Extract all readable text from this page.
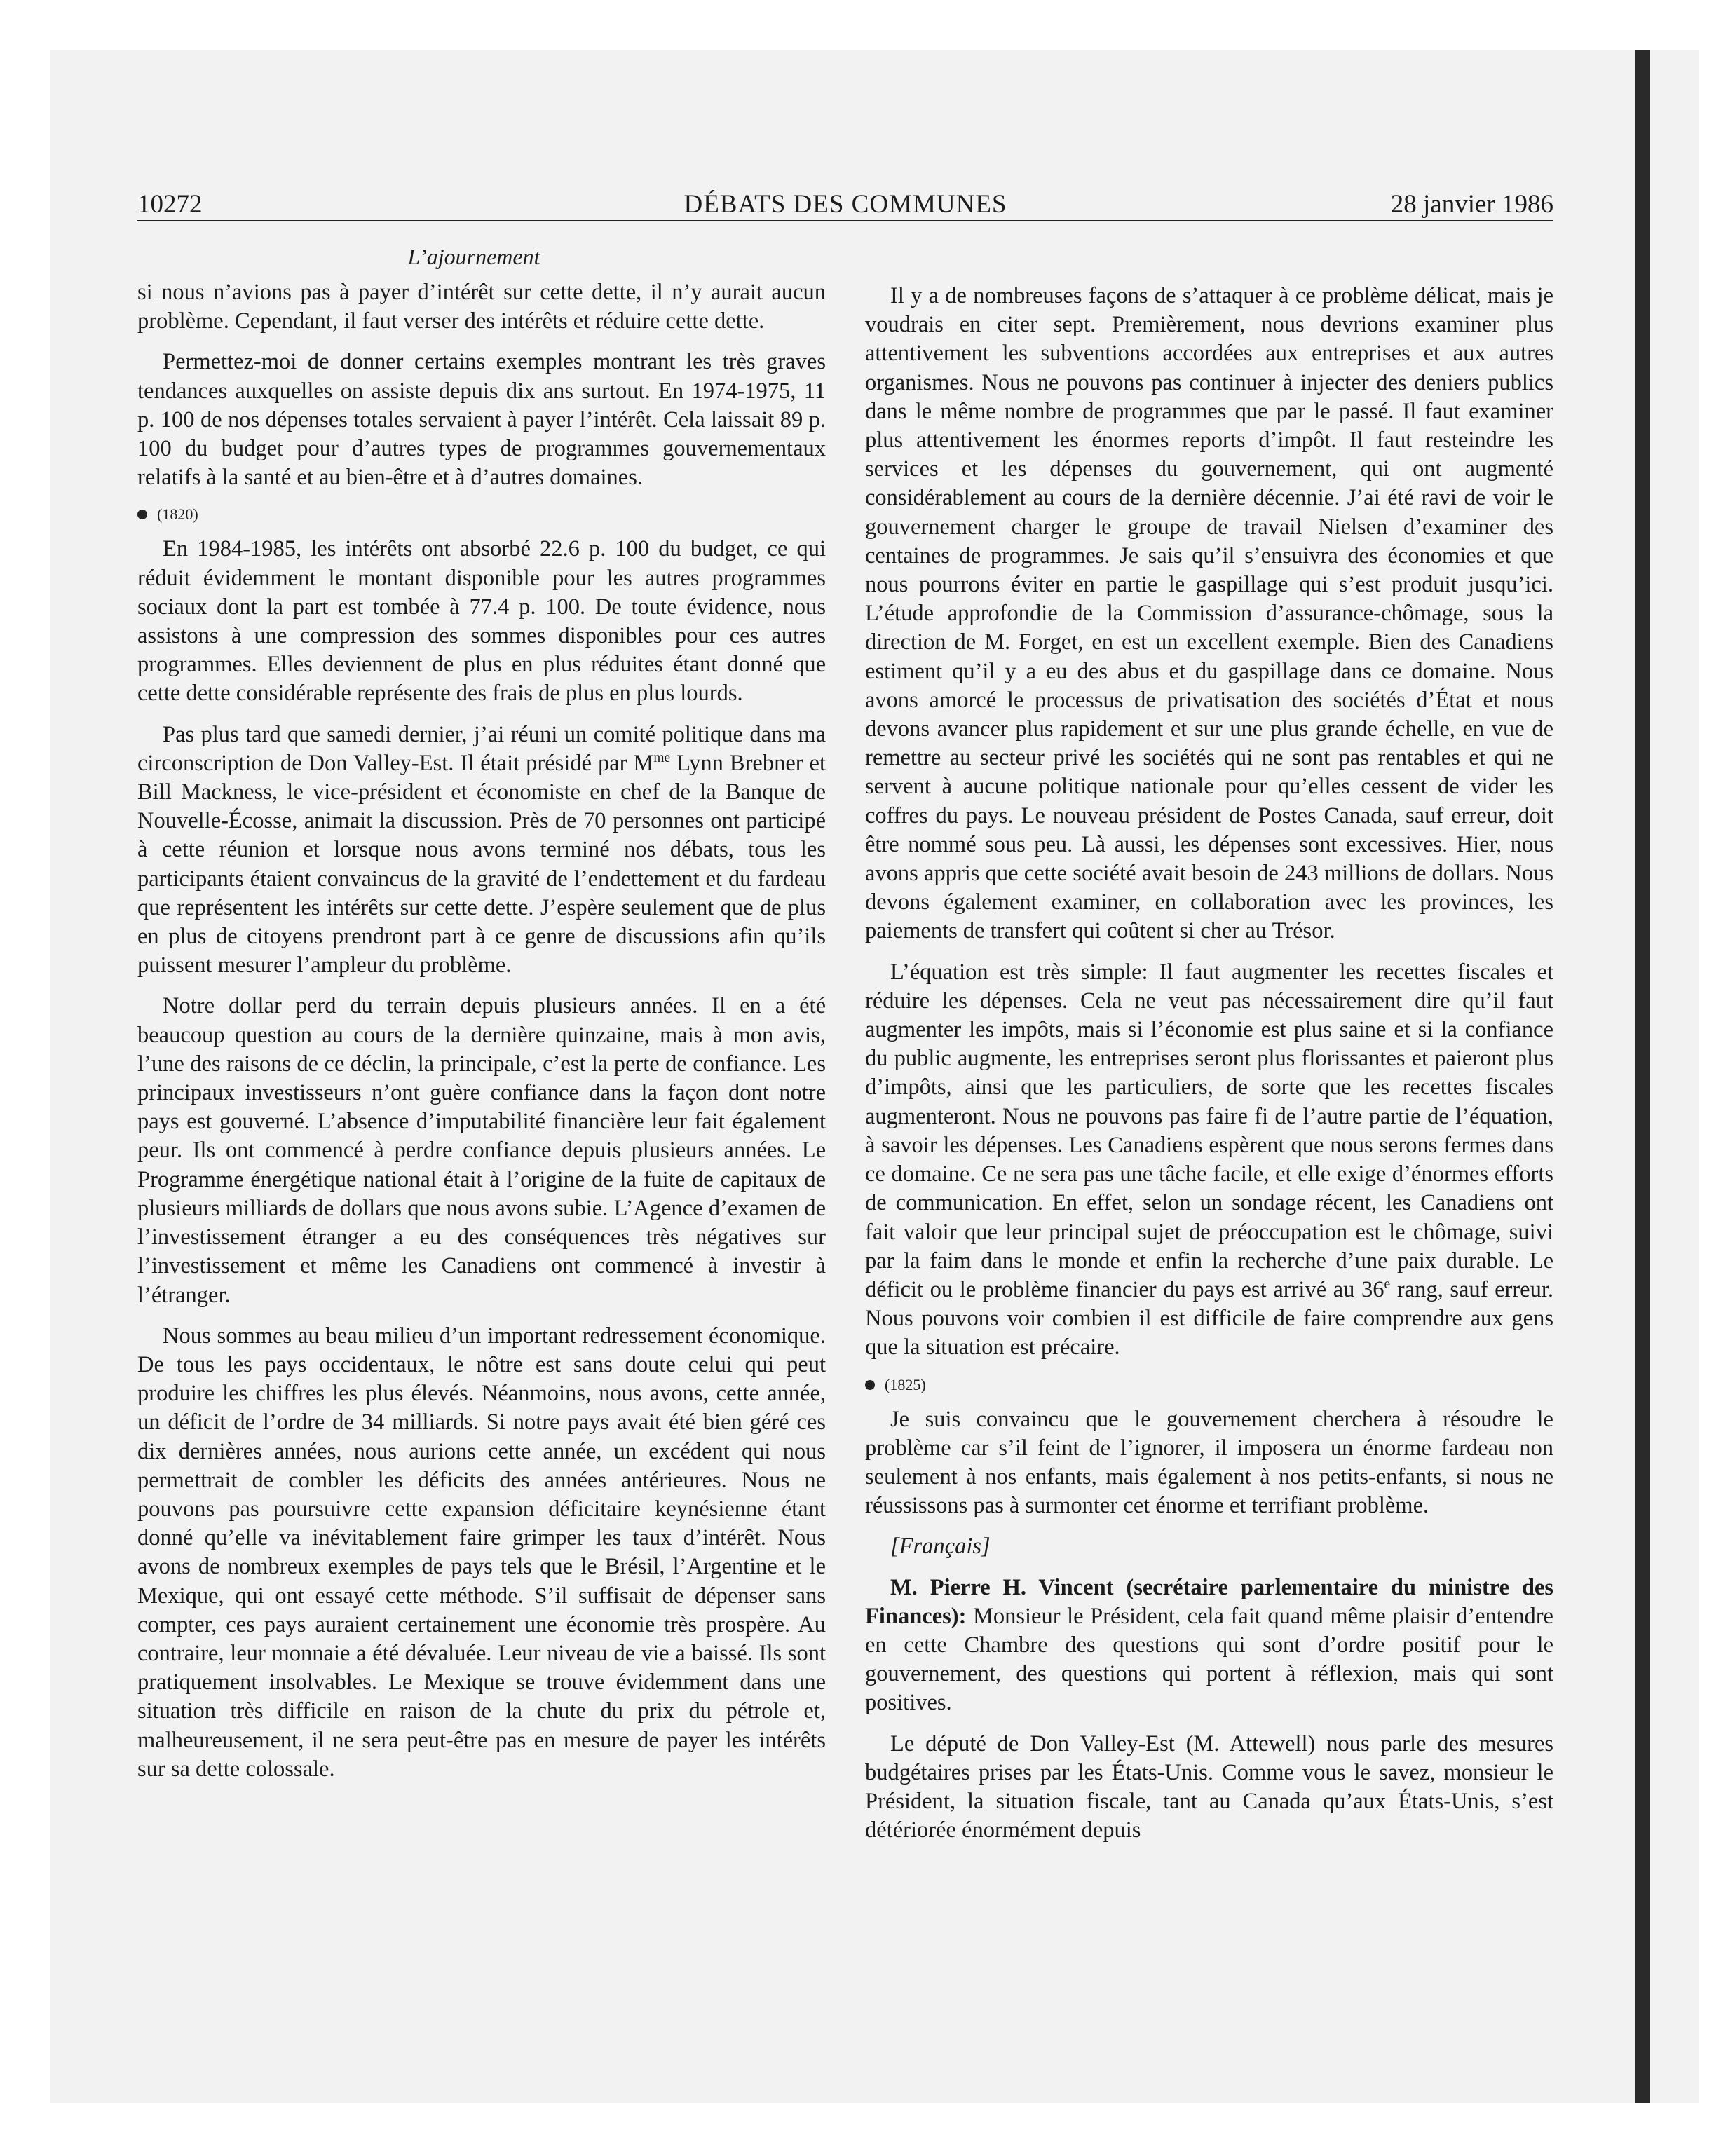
10272	DÉBATS DES COMMUNES	28 janvier 1986
L’ajournement

si nous n’avions pas à payer d’intérêt sur cette dette, il n’y aurait aucun problème. Cependant, il faut verser des intérêts et réduire cette dette.

Permettez-moi de donner certains exemples montrant les très graves tendances auxquelles on assiste depuis dix ans surtout. En 1974-1975, 11 p. 100 de nos dépenses totales servaient à payer l’intérêt. Cela laissait 89 p. 100 du budget pour d’autres types de programmes gouvernementaux relatifs à la santé et au bien-être et à d’autres domaines.

(1820)

En 1984-1985, les intérêts ont absorbé 22.6 p. 100 du budget, ce qui réduit évidemment le montant disponible pour les autres programmes sociaux dont la part est tombée à 77.4 p. 100. De toute évidence, nous assistons à une compression des sommes disponibles pour ces autres programmes. Elles deviennent de plus en plus réduites étant donné que cette dette considérable représente des frais de plus en plus lourds.

Pas plus tard que samedi dernier, j’ai réuni un comité politique dans ma circonscription de Don Valley-Est. Il était présidé par $M^{me}$ Lynn Brebner et Bill Mackness, le vice-président et économiste en chef de la Banque de Nouvelle-Écosse, animait la discussion. Près de 70 personnes ont participé à cette réunion et lorsque nous avons terminé nos débats, tous les participants étaient convaincus de la gravité de l’endettement et du fardeau que représentent les intérêts sur cette dette. J’espère seulement que de plus en plus de citoyens prendront part à ce genre de discussions afin qu’ils puissent mesurer l’ampleur du problème.

Notre dollar perd du terrain depuis plusieurs années. Il en a été beaucoup question au cours de la dernière quinzaine, mais à mon avis, l’une des raisons de ce déclin, la principale, c’est la perte de confiance. Les principaux investisseurs n’ont guère confiance dans la façon dont notre pays est gouverné. L’absence d’imputabilité financière leur fait également peur. Ils ont commencé à perdre confiance depuis plusieurs années. Le Programme énergétique national était à l’origine de la fuite de capitaux de plusieurs milliards de dollars que nous avons subie. L’Agence d’examen de l’investissement étranger a eu des conséquences très négatives sur l’investissement et même les Canadiens ont commencé à investir à l’étranger.

Nous sommes au beau milieu d’un important redressement économique. De tous les pays occidentaux, le nôtre est sans doute celui qui peut produire les chiffres les plus élevés. Néanmoins, nous avons, cette année, un déficit de l’ordre de 34 milliards. Si notre pays avait été bien géré ces dix dernières années, nous aurions cette année, un excédent qui nous permettrait de combler les déficits des années antérieures. Nous ne pouvons pas poursuivre cette expansion déficitaire keynésienne étant donné qu’elle va inévitablement faire grimper les taux d’intérêt. Nous avons de nombreux exemples de pays tels que le Brésil, l’Argentine et le Mexique, qui ont essayé cette méthode. S’il suffisait de dépenser sans compter, ces pays auraient certainement une économie très prospère. Au contraire, leur monnaie a été dévaluée. Leur niveau de vie a baissé. Ils sont pratiquement insolvables. Le Mexique se trouve évidemment dans une situation très difficile en raison de la chute du prix du pétrole et, malheureusement, il ne sera peut-être pas en mesure de payer les intérêts sur sa dette colossale.

Il y a de nombreuses façons de s’attaquer à ce problème délicat, mais je voudrais en citer sept. Premièrement, nous devrions examiner plus attentivement les subventions accordées aux entreprises et aux autres organismes. Nous ne pouvons pas continuer à injecter des deniers publics dans le même nombre de programmes que par le passé. Il faut examiner plus attentivement les énormes reports d’impôt. Il faut resteindre les services et les dépenses du gouvernement, qui ont augmenté considérablement au cours de la dernière décennie. J’ai été ravi de voir le gouvernement charger le groupe de travail Nielsen d’examiner des centaines de programmes. Je sais qu’il s’ensuivra des économies et que nous pourrons éviter en partie le gaspillage qui s’est produit jusqu’ici. L’étude approfondie de la Commission d’assurance-chômage, sous la direction de M. Forget, en est un excellent exemple. Bien des Canadiens estiment qu’il y a eu des abus et du gaspillage dans ce domaine. Nous avons amorcé le processus de privatisation des sociétés d’État et nous devons avancer plus rapidement et sur une plus grande échelle, en vue de remettre au secteur privé les sociétés qui ne sont pas rentables et qui ne servent à aucune politique nationale pour qu’elles cessent de vider les coffres du pays. Le nouveau président de Postes Canada, sauf erreur, doit être nommé sous peu. Là aussi, les dépenses sont excessives. Hier, nous avons appris que cette société avait besoin de 243 millions de dollars. Nous devons également examiner, en collaboration avec les provinces, les paiements de transfert qui coûtent si cher au Trésor.

L’équation est très simple: Il faut augmenter les recettes fiscales et réduire les dépenses. Cela ne veut pas nécessairement dire qu’il faut augmenter les impôts, mais si l’économie est plus saine et si la confiance du public augmente, les entreprises seront plus florissantes et paieront plus d’impôts, ainsi que les particuliers, de sorte que les recettes fiscales augmenteront. Nous ne pouvons pas faire fi de l’autre partie de l’équation, à savoir les dépenses. Les Canadiens espèrent que nous serons fermes dans ce domaine. Ce ne sera pas une tâche facile, et elle exige d’énormes efforts de communication. En effet, selon un sondage récent, les Canadiens ont fait valoir que leur principal sujet de préoccupation est le chômage, suivi par la faim dans le monde et enfin la recherche d’une paix durable. Le déficit ou le problème financier du pays est arrivé au 36e rang, sauf erreur. Nous pouvons voir combien il est difficile de faire comprendre aux gens que la situation est précaire.

(1825)

Je suis convaincu que le gouvernement cherchera à résoudre le problème car s’il feint de l’ignorer, il imposera un énorme fardeau non seulement à nos enfants, mais également à nos petits-enfants, si nous ne réussissons pas à surmonter cet énorme et terrifiant problème.

[Français]

M. Pierre H. Vincent (secrétaire parlementaire du ministre des Finances): Monsieur le Président, cela fait quand même plaisir d’entendre en cette Chambre des questions qui sont d’ordre positif pour le gouvernement, des questions qui portent à réflexion, mais qui sont positives.

Le député de Don Valley-Est (M. Attewell) nous parle des mesures budgétaires prises par les États-Unis. Comme vous le savez, monsieur le Président, la situation fiscale, tant au Canada qu’aux États-Unis, s’est détériorée énormément depuis
